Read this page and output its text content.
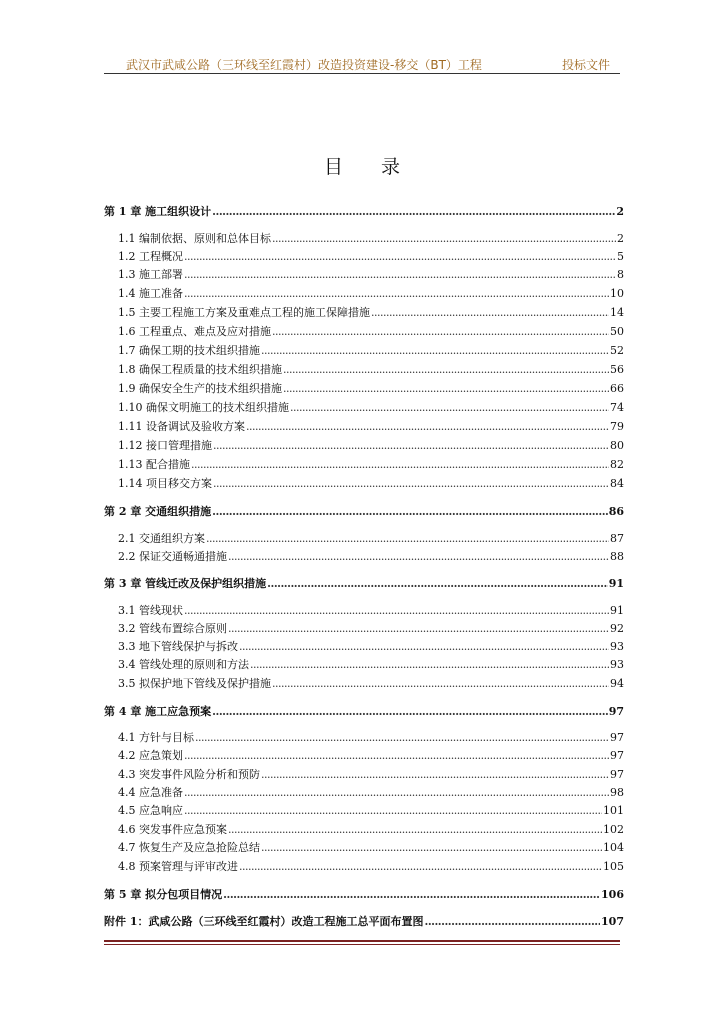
武汉市武咸公路（三环线至红霞村）改造投资建设-移交（BT）工程	投标文件
目录
第 1 章 施工组织设计 .....	2
1.1 编制依据、原则和总体目标 .....	2
1.2 工程概况 .....	5
1.3 施工部署 .....	8
1.4 施工准备 .....	10
1.5 主要工程施工方案及重难点工程的施工保障措施 .....	14
1.6 工程重点、难点及应对措施 .....	50
1.7 确保工期的技术组织措施 .....	52
1.8 确保工程质量的技术组织措施 .....	56
1.9 确保安全生产的技术组织措施 .....	66
1.10 确保文明施工的技术组织措施 .....	74
1.11 设备调试及验收方案 .....	79
1.12 接口管理措施 .....	80
1.13 配合措施 .....	82
1.14 项目移交方案 .....	84
第 2 章 交通组织措施 .....	86
2.1 交通组织方案 .....	87
2.2 保证交通畅通措施 .....	88
第 3 章 管线迁改及保护组织措施 .....	91
3.1 管线现状 .....	91
3.2 管线布置综合原则 .....	92
3.3 地下管线保护与拆改 .....	93
3.4 管线处理的原则和方法 .....	93
3.5 拟保护地下管线及保护措施 .....	94
第 4 章 施工应急预案 .....	97
4.1 方针与目标 .....	97
4.2 应急策划 .....	97
4.3 突发事件风险分析和预防 .....	97
4.4 应急准备 .....	98
4.5 应急响应 .....	101
4.6 突发事件应急预案 .....	102
4.7 恢复生产及应急抢险总结 .....	104
4.8 预案管理与评审改进 .....	105
第 5 章 拟分包项目情况 .....	106
附件 1：武咸公路（三环线至红霞村）改造工程施工总平面布置图 .....	107
